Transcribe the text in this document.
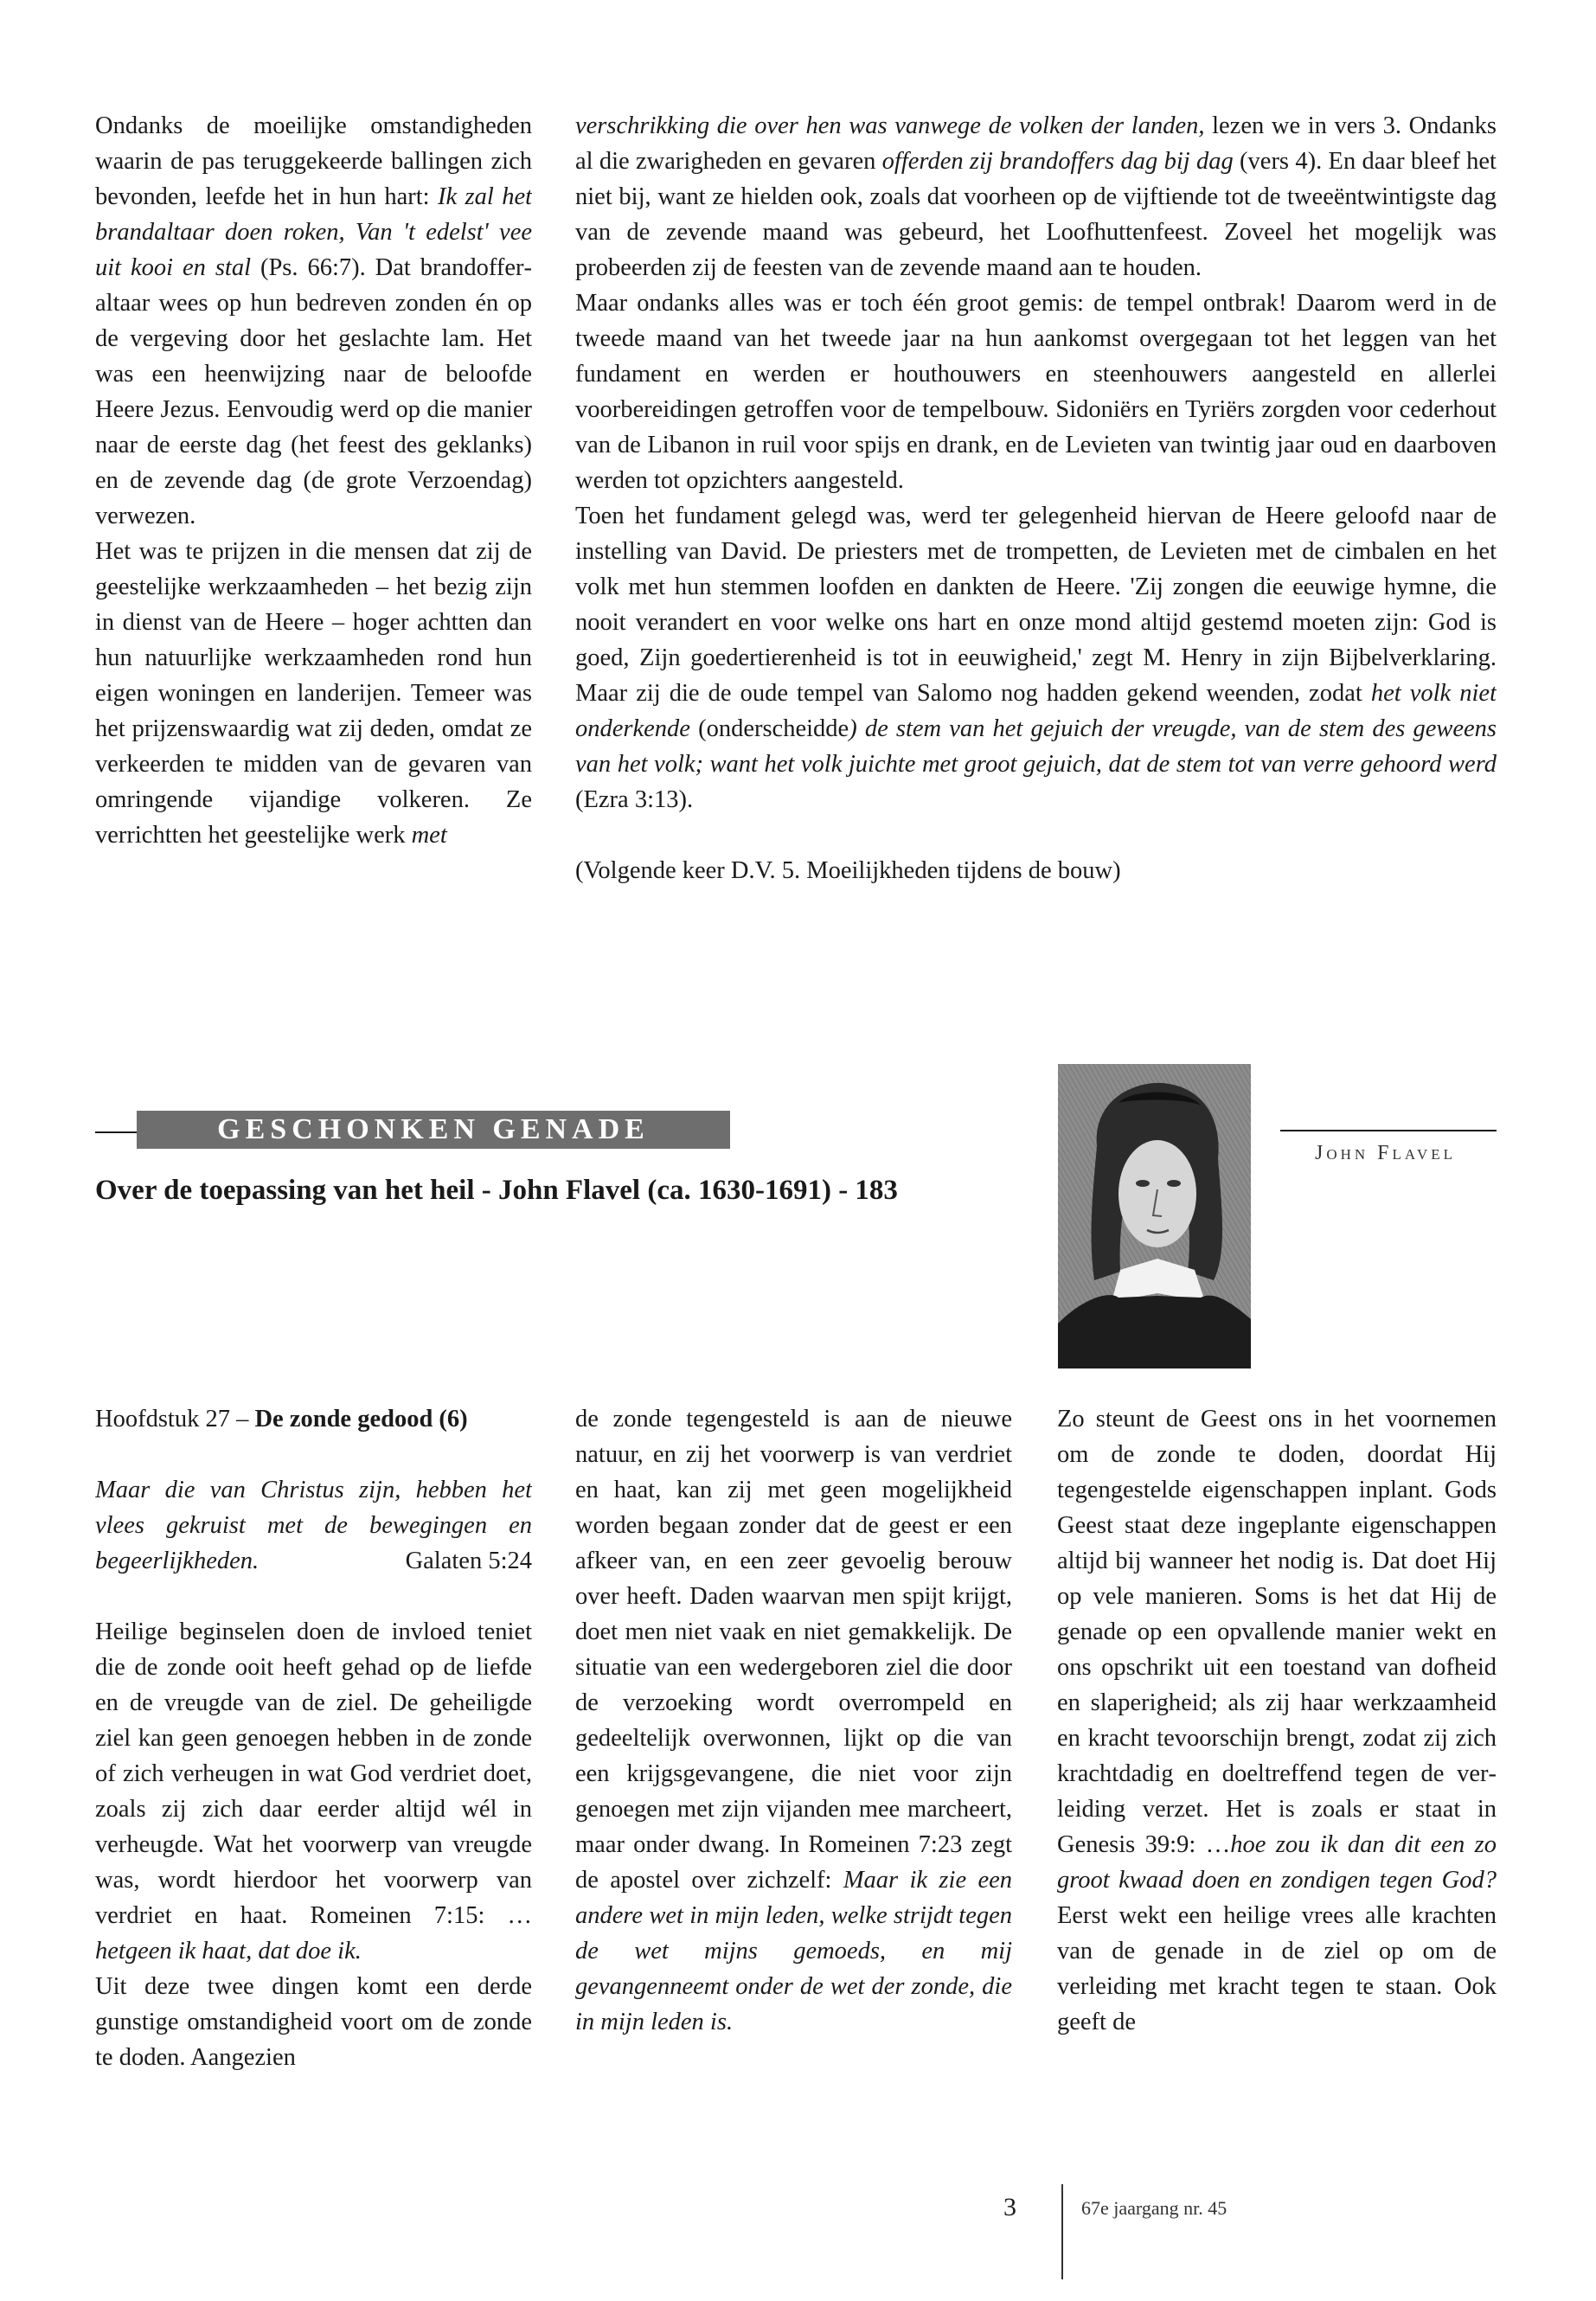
Ondanks de moeilijke omstandigheden waarin de pas teruggekeerde ballingen zich bevonden, leefde het in hun hart: Ik zal het brandaltaar doen roken, Van 't edelst' vee uit kooi en stal (Ps. 66:7). Dat brandofferaltaar wees op hun bedreven zonden én op de vergeving door het geslachte lam. Het was een heenwijzing naar de beloofde Heere Jezus. Eenvoudig werd op die manier naar de eerste dag (het feest des geklanks) en de zevende dag (de grote Verzoendag) verwezen.

Het was te prijzen in die mensen dat zij de geestelijke werkzaamheden – het bezig zijn in dienst van de Heere – hoger achtten dan hun natuurlijke werkzaamheden rond hun eigen woningen en landerijen. Temeer was het prijzenswaardig wat zij deden, omdat ze verkeerden te midden van de gevaren van omringende vijandige volkeren. Ze verrichtten het geestelijke werk met

verschrikking die over hen was vanwege de volken der landen, lezen we in vers 3. Ondanks al die zwarigheden en gevaren offerden zij brandoffers dag bij dag (vers 4). En daar bleef het niet bij, want ze hielden ook, zoals dat voorheen op de vijftiende tot de tweeëntwintigste dag van de zevende maand was gebeurd, het Loofhuttenfeest. Zoveel het mogelijk was probeerden zij de feesten van de zevende maand aan te houden.

Maar ondanks alles was er toch één groot gemis: de tempel ontbrak! Daarom werd in de tweede maand van het tweede jaar na hun aankomst overgegaan tot het leggen van het fundament en werden er houthouwers en steenhouwers aangesteld en allerlei voorbereidingen getroffen voor de tempelbouw. Sidoniërs en Tyriërs zorgden voor cederhout van de Libanon in ruil voor spijs en drank, en de Levieten van twintig jaar oud en daarboven werden tot opzichters aangesteld.

Toen het fundament gelegd was, werd ter gelegenheid hiervan de Heere geloofd naar de instelling van David. De priesters met de trompetten, de Levieten met de cimbalen en het volk met hun stemmen loofden en dankten de Heere. 'Zij zongen die eeuwige hymne, die nooit verandert en voor welke ons hart en onze mond altijd gestemd moeten zijn: God is goed, Zijn goedertierenheid is tot in eeuwigheid,' zegt M. Henry in zijn Bijbelverklaring. Maar zij die de oude tempel van Salomo nog hadden gekend weenden, zodat het volk niet onderkende (onderscheidde) de stem van het gejuich der vreugde, van de stem des geweens van het volk; want het volk juichte met groot gejuich, dat de stem tot van verre gehoord werd (Ezra 3:13).

(Volgende keer D.V. 5. Moeilijkheden tijdens de bouw)

GESCHONKEN GENADE
Over de toepassing van het heil - John Flavel (ca. 1630-1691) - 183
John Flavel

Hoofdstuk 27 – De zonde gedood (6)

Maar die van Christus zijn, hebben het vlees gekruist met de bewegingen en begeerlijkheden.	Galaten 5:24

Heilige beginselen doen de invloed teniet die de zonde ooit heeft gehad op de liefde en de vreugde van de ziel. De geheiligde ziel kan geen genoegen hebben in de zonde of zich verheugen in wat God verdriet doet, zoals zij zich daar eerder altijd wél in verheugde. Wat het voorwerp van vreugde was, wordt hierdoor het voorwerp van verdriet en haat. Romeinen 7:15: … hetgeen ik haat, dat doe ik.

Uit deze twee dingen komt een derde gunstige omstandigheid voort om de zonde te doden. Aangezien

de zonde tegengesteld is aan de nieuwe natuur, en zij het voorwerp is van verdriet en haat, kan zij met geen mogelijkheid worden begaan zonder dat de geest er een afkeer van, en een zeer gevoelig berouw over heeft. Daden waarvan men spijt krijgt, doet men niet vaak en niet gemakkelijk. De situatie van een wedergeboren ziel die door de verzoeking wordt overrompeld en gedeeltelijk overwonnen, lijkt op die van een krijgsgevangene, die niet voor zijn genoegen met zijn vijanden mee marcheert, maar onder dwang. In Romeinen 7:23 zegt de apostel over zichzelf: Maar ik zie een andere wet in mijn leden, welke strijdt tegen de wet mijns gemoeds, en mij gevangenneemt onder de wet der zonde, die in mijn leden is.

Zo steunt de Geest ons in het voornemen om de zonde te doden, doordat Hij tegengestelde eigenschappen inplant. Gods Geest staat deze ingeplante eigenschappen altijd bij wanneer het nodig is. Dat doet Hij op vele manieren. Soms is het dat Hij de genade op een opvallende manier wekt en ons opschrikt uit een toestand van dofheid en slaperigheid; als zij haar werkzaamheid en kracht tevoorschijn brengt, zodat zij zich krachtdadig en doeltreffend tegen de verleiding verzet. Het is zoals er staat in Genesis 39:9: …hoe zou ik dan dit een zo groot kwaad doen en zondigen tegen God? Eerst wekt een heilige vrees alle krachten van de genade in de ziel op om de verleiding met kracht tegen te staan. Ook geeft de

3	67e jaargang nr. 45
